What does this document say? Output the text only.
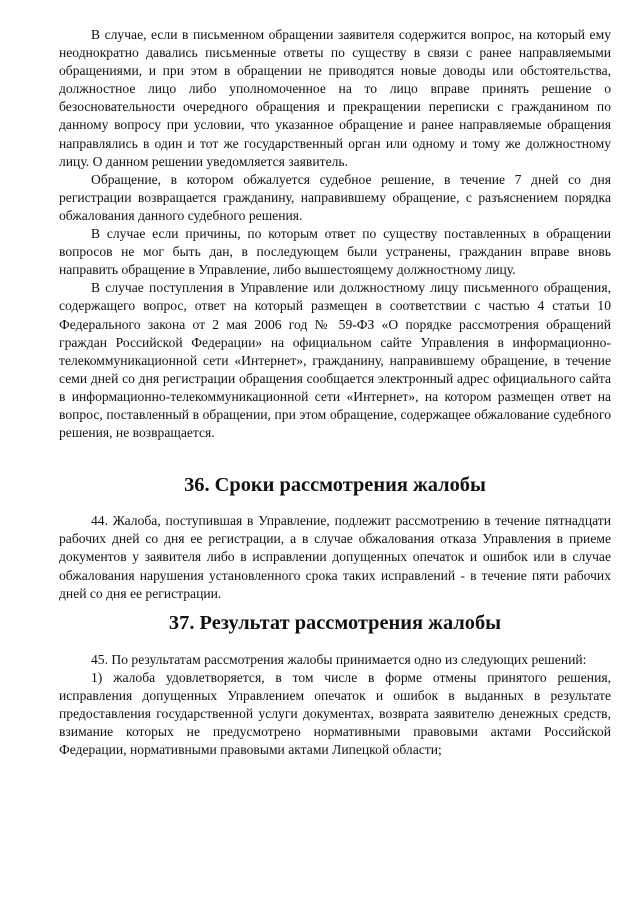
В случае, если в письменном обращении заявителя содержится вопрос, на который ему неоднократно давались письменные ответы по существу в связи с ранее направляемыми обращениями, и при этом в обращении не приводятся новые доводы или обстоятельства, должностное лицо либо уполномоченное на то лицо вправе принять решение о безосновательности очередного обращения и прекращении переписки с гражданином по данному вопросу при условии, что указанное обращение и ранее направляемые обращения направлялись в один и тот же государственный орган или одному и тому же должностному лицу. О данном решении уведомляется заявитель.

Обращение, в котором обжалуется судебное решение, в течение 7 дней со дня регистрации возвращается гражданину, направившему обращение, с разъяснением порядка обжалования данного судебного решения.

В случае если причины, по которым ответ по существу поставленных в обращении вопросов не мог быть дан, в последующем были устранены, гражданин вправе вновь направить обращение в Управление, либо вышестоящему должностному лицу.

В случае поступления в Управление или должностному лицу письменного обращения, содержащего вопрос, ответ на который размещен в соответствии с частью 4 статьи 10 Федерального закона от 2 мая 2006 год № 59-ФЗ «О порядке рассмотрения обращений граждан Российской Федерации» на официальном сайте Управления в информационно-телекоммуникационной сети «Интернет», гражданину, направившему обращение, в течение семи дней со дня регистрации обращения сообщается электронный адрес официального сайта в информационно-телекоммуникационной сети «Интернет», на котором размещен ответ на вопрос, поставленный в обращении, при этом обращение, содержащее обжалование судебного решения, не возвращается.

36. Сроки рассмотрения жалобы

44. Жалоба, поступившая в Управление, подлежит рассмотрению в течение пятнадцати рабочих дней со дня ее регистрации, а в случае обжалования отказа Управления в приеме документов у заявителя либо в исправлении допущенных опечаток и ошибок или в случае обжалования нарушения установленного срока таких исправлений - в течение пяти рабочих дней со дня ее регистрации.

37. Результат рассмотрения жалобы

45. По результатам рассмотрения жалобы принимается одно из следующих решений:

1) жалоба удовлетворяется, в том числе в форме отмены принятого решения, исправления допущенных Управлением опечаток и ошибок в выданных в результате предоставления государственной услуги документах, возврата заявителю денежных средств, взимание которых не предусмотрено нормативными правовыми актами Российской Федерации, нормативными правовыми актами Липецкой области;
